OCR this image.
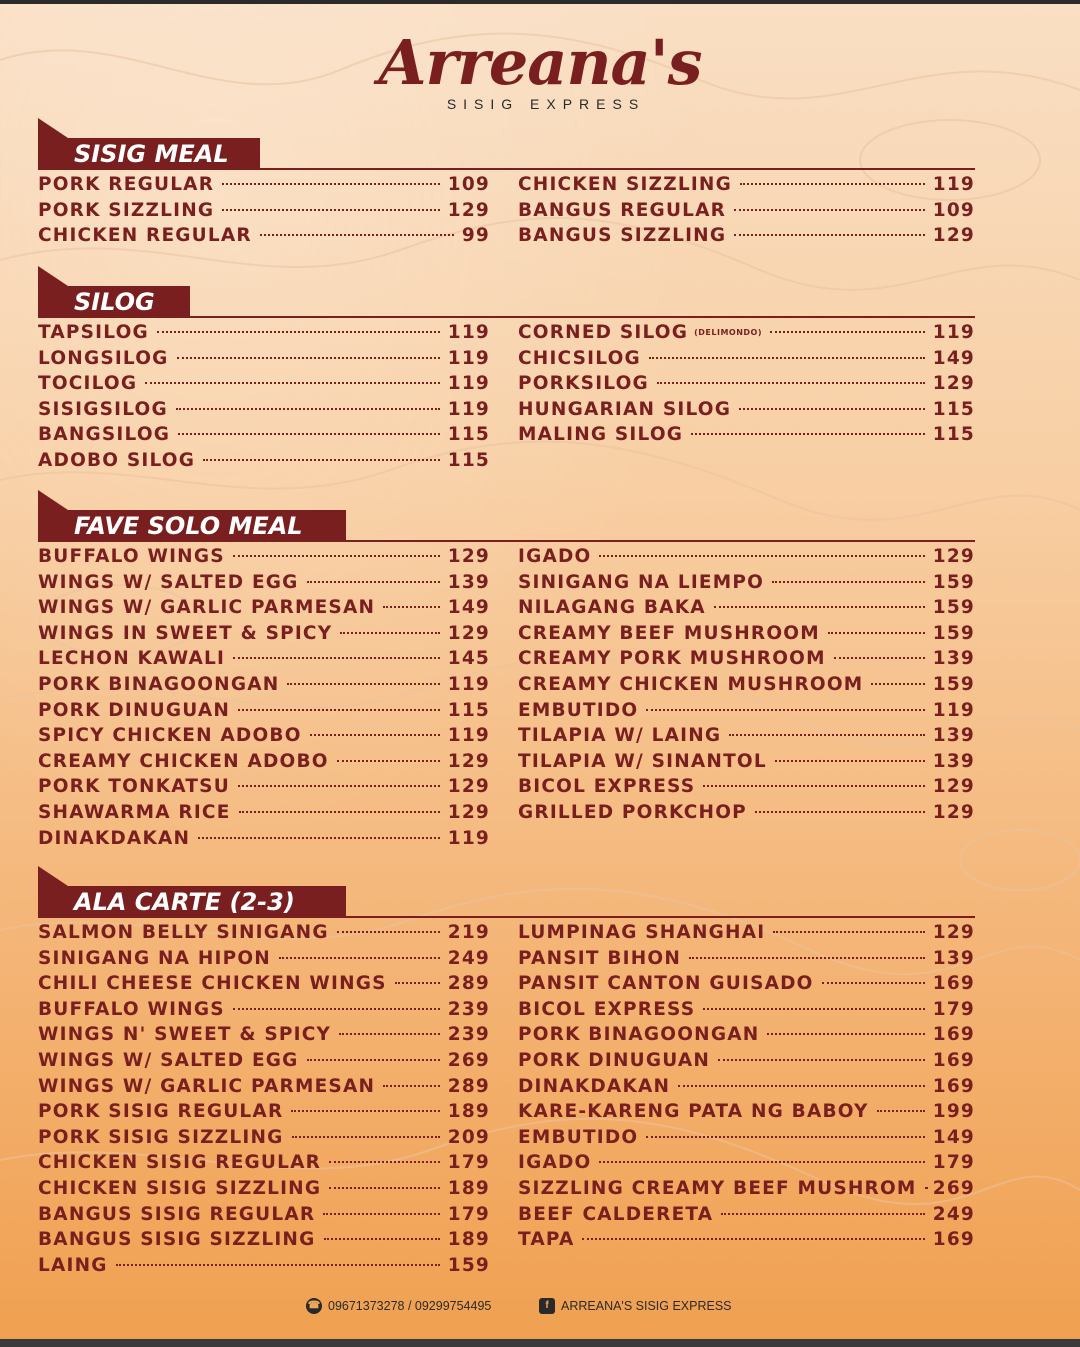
Arreana's
SISIG EXPRESS
SISIG MEAL
PORK REGULAR	109
PORK SIZZLING	129
CHICKEN REGULAR	99
CHICKEN SIZZLING	119
BANGUS REGULAR	109
BANGUS SIZZLING	129
SILOG
TAPSILOG	119
LONGSILOG	119
TOCILOG	119
SISIGSILOG	119
BANGSILOG	115
ADOBO SILOG	115
CORNED SILOG (DELIMONDO)	119
CHICSILOG	149
PORKSILOG	129
HUNGARIAN SILOG	115
MALING SILOG	115
FAVE SOLO MEAL
BUFFALO WINGS	129
WINGS W/ SALTED EGG	139
WINGS W/ GARLIC PARMESAN	149
WINGS IN SWEET & SPICY	129
LECHON KAWALI	145
PORK BINAGOONGAN	119
PORK DINUGUAN	115
SPICY CHICKEN ADOBO	119
CREAMY CHICKEN ADOBO	129
PORK TONKATSU	129
SHAWARMA RICE	129
DINAKDAKAN	119
IGADO	129
SINIGANG NA LIEMPO	159
NILAGANG BAKA	159
CREAMY BEEF MUSHROOM	159
CREAMY PORK MUSHROOM	139
CREAMY CHICKEN MUSHROOM	159
EMBUTIDO	119
TILAPIA W/ LAING	139
TILAPIA W/ SINANTOL	139
BICOL EXPRESS	129
GRILLED PORKCHOP	129
ALA CARTE (2-3)
SALMON BELLY SINIGANG	219
SINIGANG NA HIPON	249
CHILI CHEESE CHICKEN WINGS	289
BUFFALO WINGS	239
WINGS N' SWEET & SPICY	239
WINGS W/ SALTED EGG	269
WINGS W/ GARLIC PARMESAN	289
PORK SISIG REGULAR	189
PORK SISIG SIZZLING	209
CHICKEN SISIG REGULAR	179
CHICKEN SISIG SIZZLING	189
BANGUS SISIG REGULAR	179
BANGUS SISIG SIZZLING	189
LAING	159
LUMPINAG SHANGHAI	129
PANSIT BIHON	139
PANSIT CANTON GUISADO	169
BICOL EXPRESS	179
PORK BINAGOONGAN	169
PORK DINUGUAN	169
DINAKDAKAN	169
KARE-KARENG PATA NG BABOY	199
EMBUTIDO	149
IGADO	179
SIZZLING CREAMY BEEF MUSHROM 269
BEEF CALDERETA	249
TAPA	169
☎ 09671373278 / 09299754495	f ARREANA'S SISIG EXPRESS
